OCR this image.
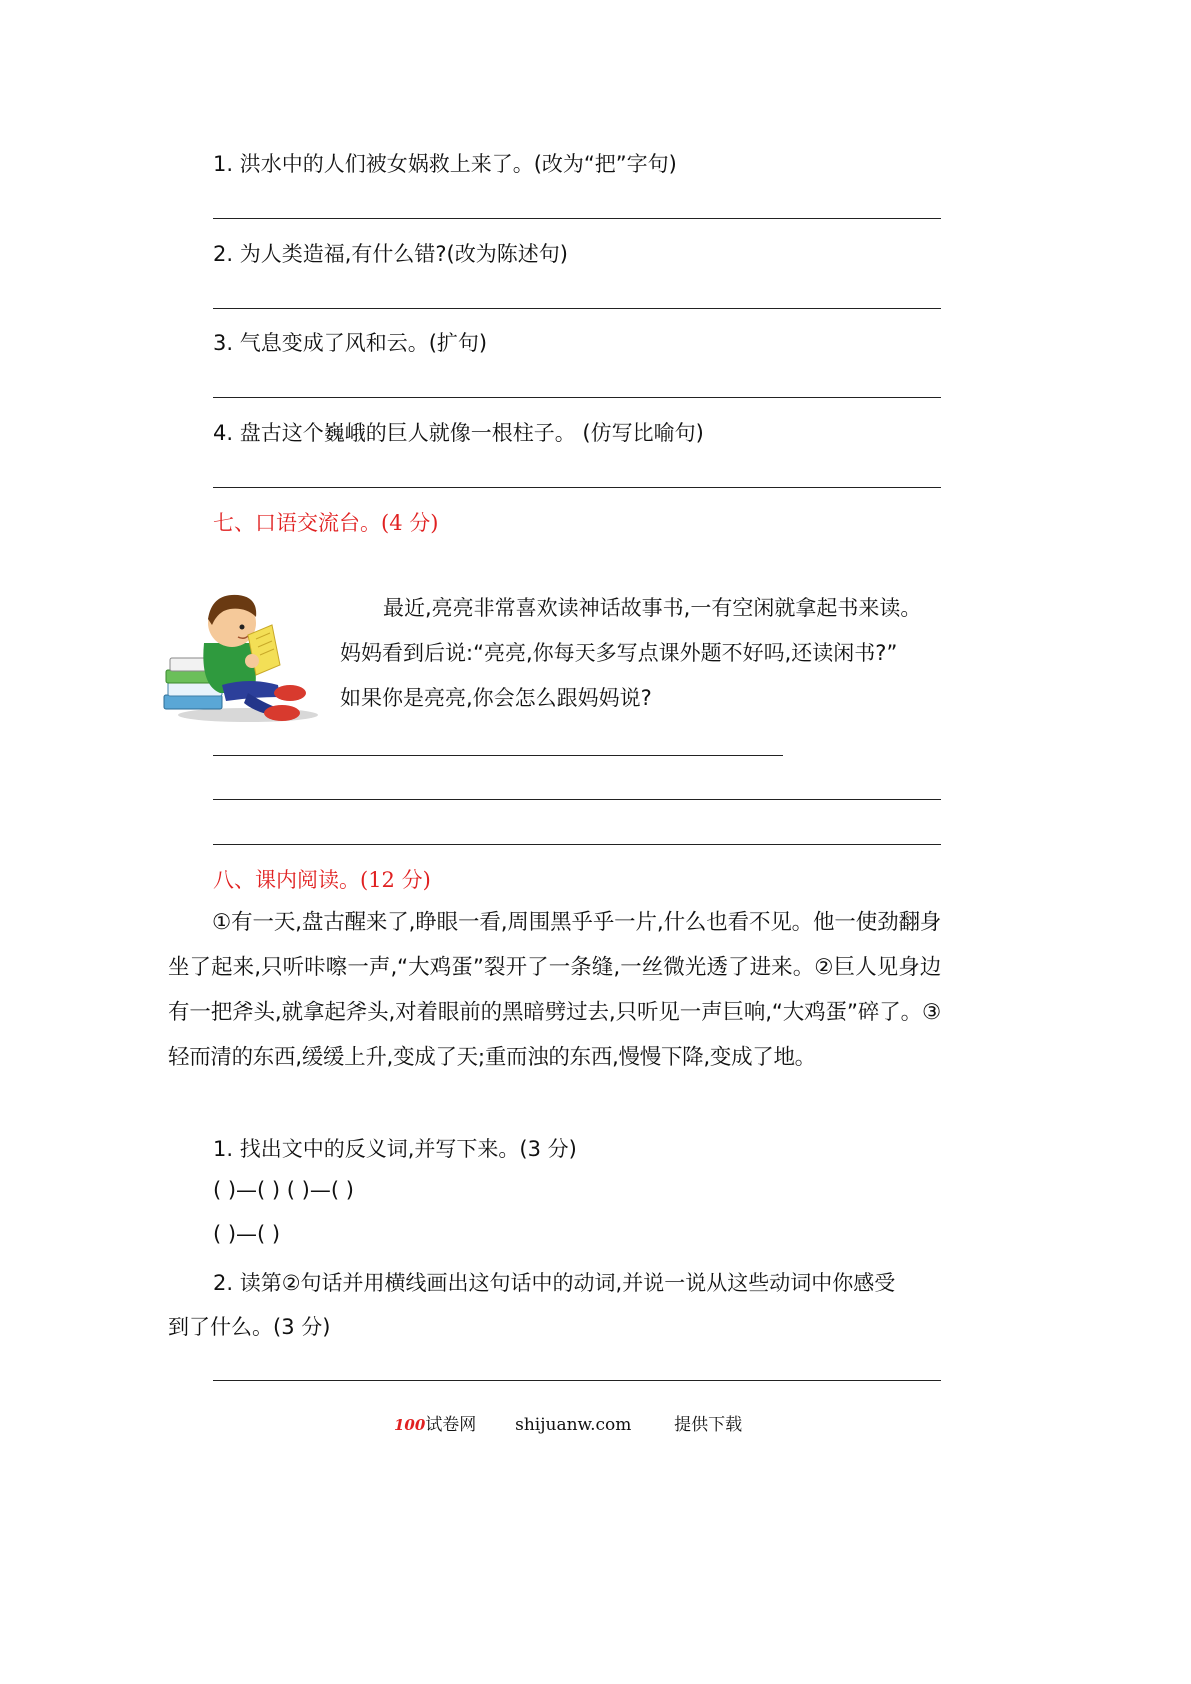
1. 洪水中的人们被女娲救上来了。(改为“把”字句)
2. 为人类造福,有什么错?(改为陈述句)
3. 气息变成了风和云。(扩句)
4. 盘古这个巍峨的巨人就像一根柱子。 (仿写比喻句)
七、口语交流台。(4 分)
最近,亮亮非常喜欢读神话故事书,一有空闲就拿起书来读。
妈妈看到后说:“亮亮,你每天多写点课外题不好吗,还读闲书?”
如果你是亮亮,你会怎么跟妈妈说?
八、课内阅读。(12 分)
①有一天,盘古醒来了,睁眼一看,周围黑乎乎一片,什么也看不见。他一使劲翻身坐了起来,只听咔嚓一声,“大鸡蛋”裂开了一条缝,一丝微光透了进来。②巨人见身边有一把斧头,就拿起斧头,对着眼前的黑暗劈过去,只听见一声巨响,“大鸡蛋”碎了。③轻而清的东西,缓缓上升,变成了天;重而浊的东西,慢慢下降,变成了地。
1. 找出文中的反义词,并写下来。(3 分)
( )—( ) ( )—( )
( )—( )
2. 读第②句话并用横线画出这句话中的动词,并说一说从这些动词中你感受
到了什么。(3 分)
100试卷网 shijuanw.com	提供下载
